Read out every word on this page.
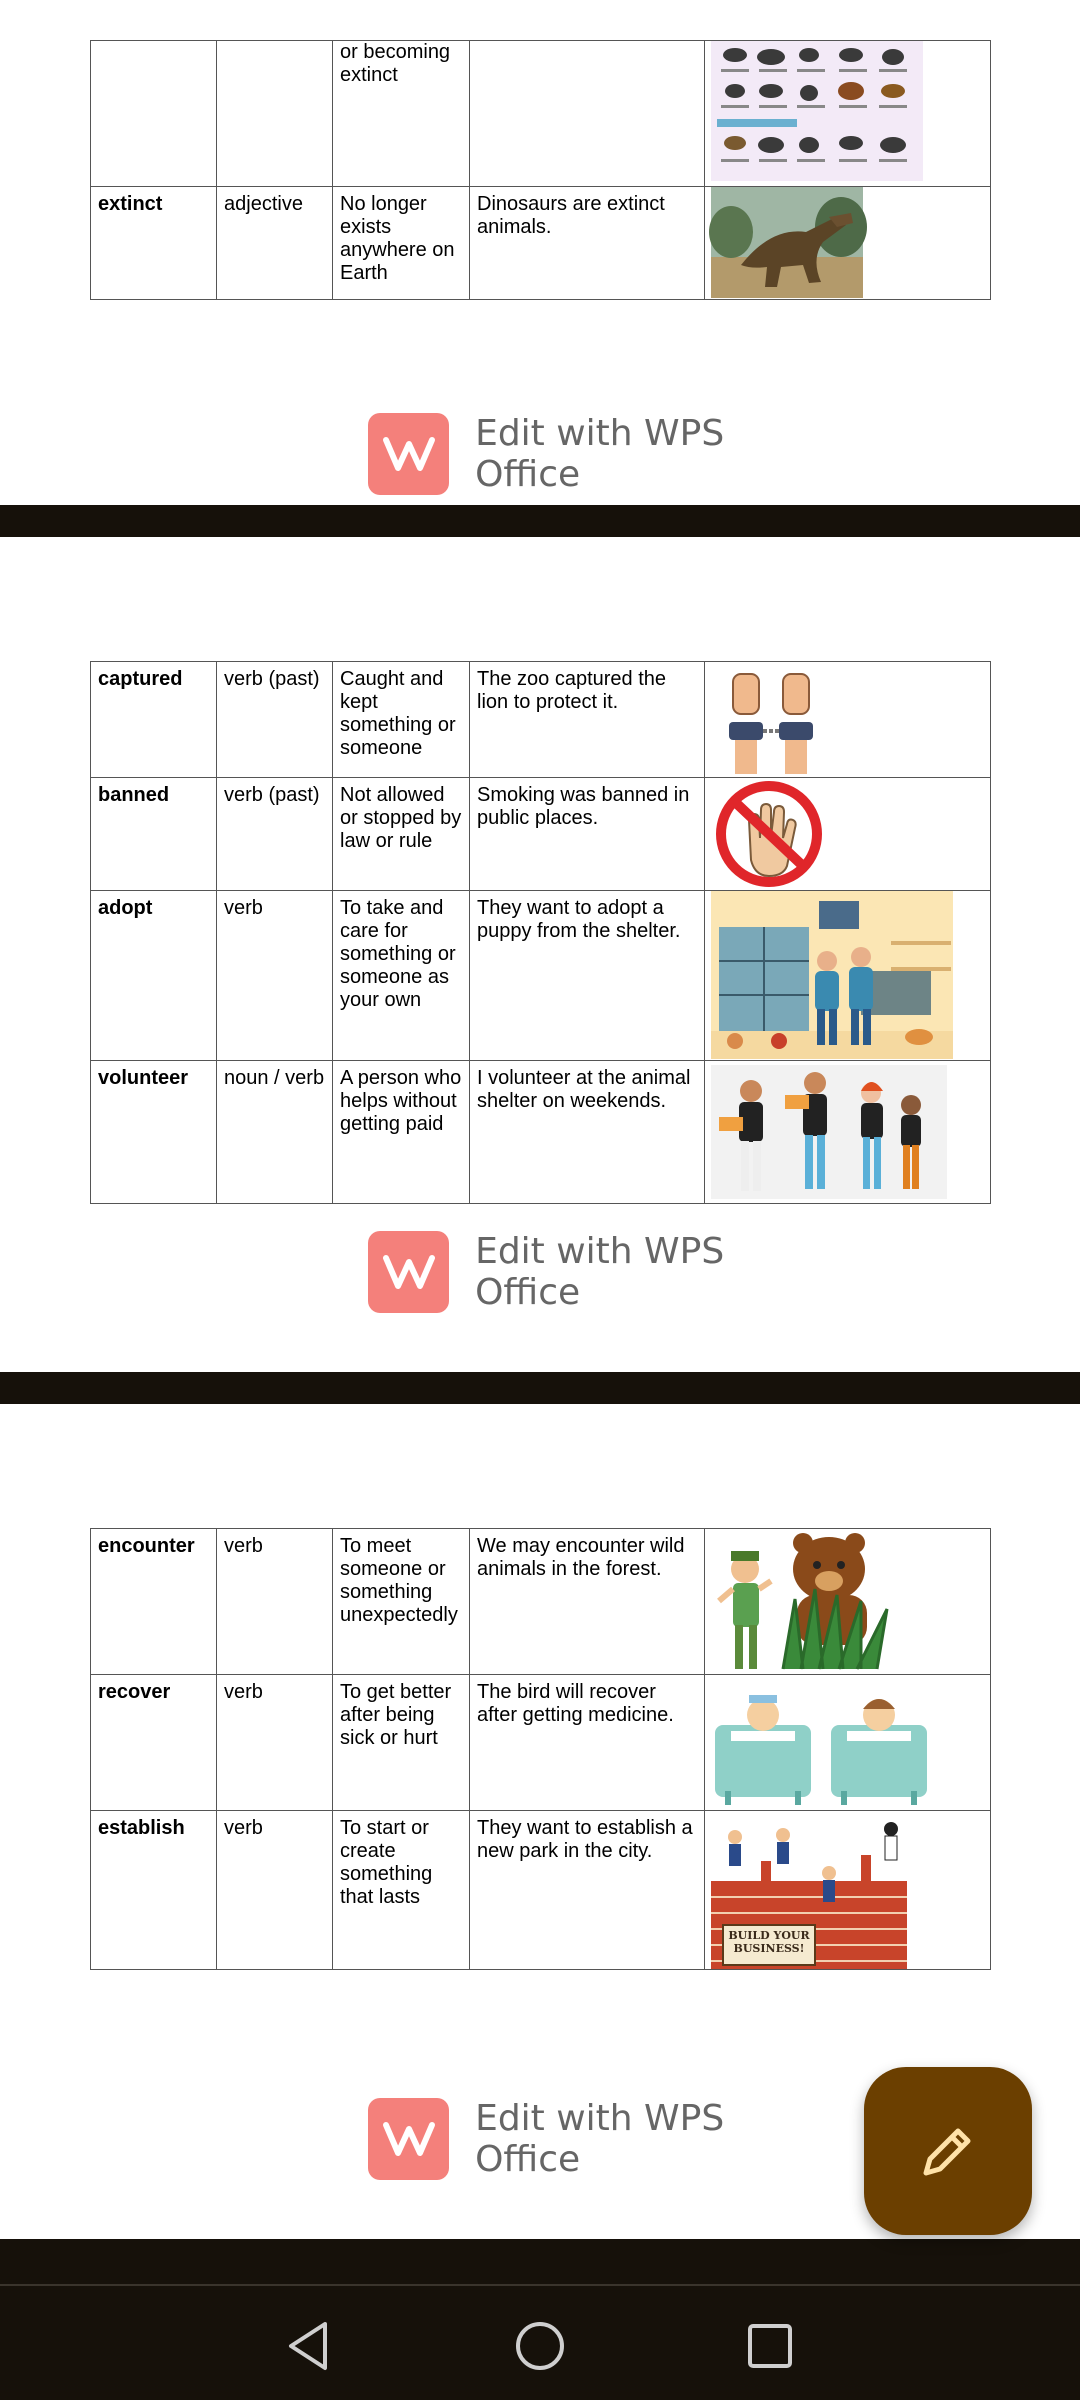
		or becoming extinct

extinct	adjective	No longer exists anywhere on Earth	Dinosaurs are extinct animals.	
Edit with WPS Office
captured	verb (past)	Caught and kept something or someone	The zoo captured the lion to protect it.	

banned	verb (past)	Not allowed or stopped by law or rule	Smoking was banned in public places.	

adopt	verb	To take and care for something or someone as your own	They want to adopt a puppy from the shelter.	

volunteer	noun / verb	A person who helps without getting paid	I volunteer at the animal shelter on weekends.	
Edit with WPS Office
encounter	verb	To meet someone or something unexpectedly	We may encounter wild animals in the forest.	

recover	verb	To get better after being sick or hurt	The bird will recover after getting medicine.	

establish	verb	To start or create something that lasts	They want to establish a new park in the city.	BUILD YOUR BUSINESS!
Edit with WPS Office
